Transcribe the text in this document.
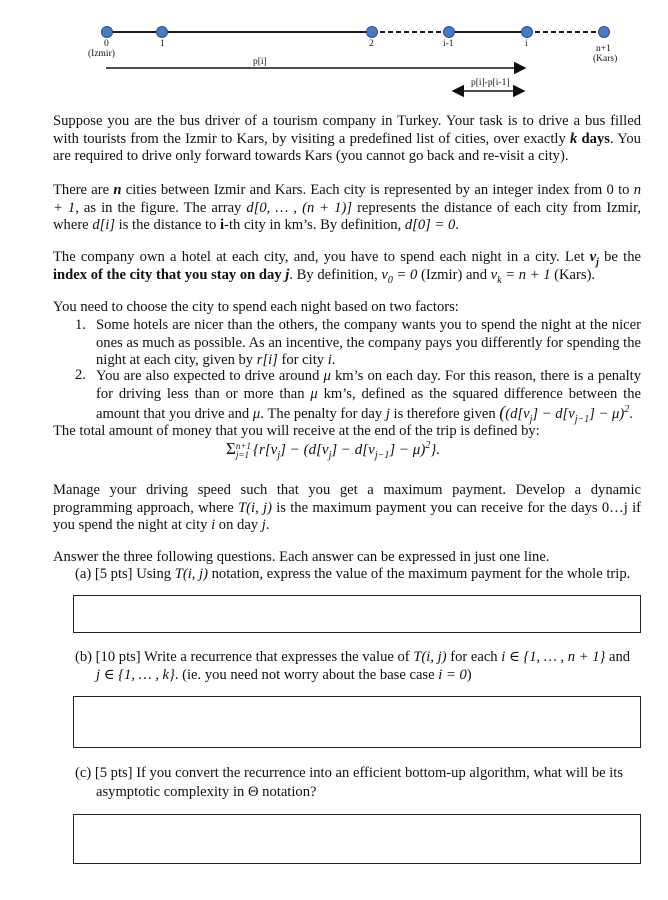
0	1	2	i-1	i	n+1
(Izmir)	(Kars)
p[i]
p[i]-p[i-1]
Suppose you are the bus driver of a tourism company in Turkey. Your task is to drive a bus filled with tourists from the Izmir to Kars, by visiting a predefined list of cities, over exactly k days. You are required to drive only forward towards Kars (you cannot go back and re-visit a city).
There are n cities between Izmir and Kars. Each city is represented by an integer index from 0 to n + 1, as in the figure. The array d[0, … , (n + 1)] represents the distance of each city from Izmir, where d[i] is the distance to i-th city in km’s. By definition, d[0] = 0.
The company own a hotel at each city, and, you have to spend each night in a city. Let $v_j$ be the index of the city that you stay on day j. By definition, $v_0 = 0$ (Izmir) and $v_k = n + 1$ (Kars).
You need to choose the city to spend each night based on two factors:
1. Some hotels are nicer than the others, the company wants you to spend the night at the nicer ones as much as possible. As an incentive, the company pays you differently for spending the night at each city, given by r[i] for city i.
2. You are also expected to drive around μ km’s on each day. For this reason, there is a penalty for driving less than or more than μ km’s, defined as the squared difference between the amount that you drive and μ. The penalty for day j is therefore given ($(d[v_j] - d[v_{j-1}] - \mu)^2$.
The total amount of money that you will receive at the end of the trip is defined by:
Σn+1
j=1 $\{r[v_j] - (d[v_j] - d[v_{j-1}] - \mu)^2\}$.
Manage your driving speed such that you get a maximum payment. Develop a dynamic programming approach, where T(i, j) is the maximum payment you can receive for the days 0…j if you spend the night at city i on day j.
Answer the three following questions. Each answer can be expressed in just one line.
(a) [5 pts] Using T(i, j) notation, express the value of the maximum payment for the whole trip.
(b) [10 pts] Write a recurrence that expresses the value of T(i, j) for each i ∈ {1, … , n + 1} and
j ∈ {1, … , k}. (ie. you need not worry about the base case i = 0)
(c) [5 pts] If you convert the recurrence into an efficient bottom-up algorithm, what will be its
asymptotic complexity in Θ notation?
